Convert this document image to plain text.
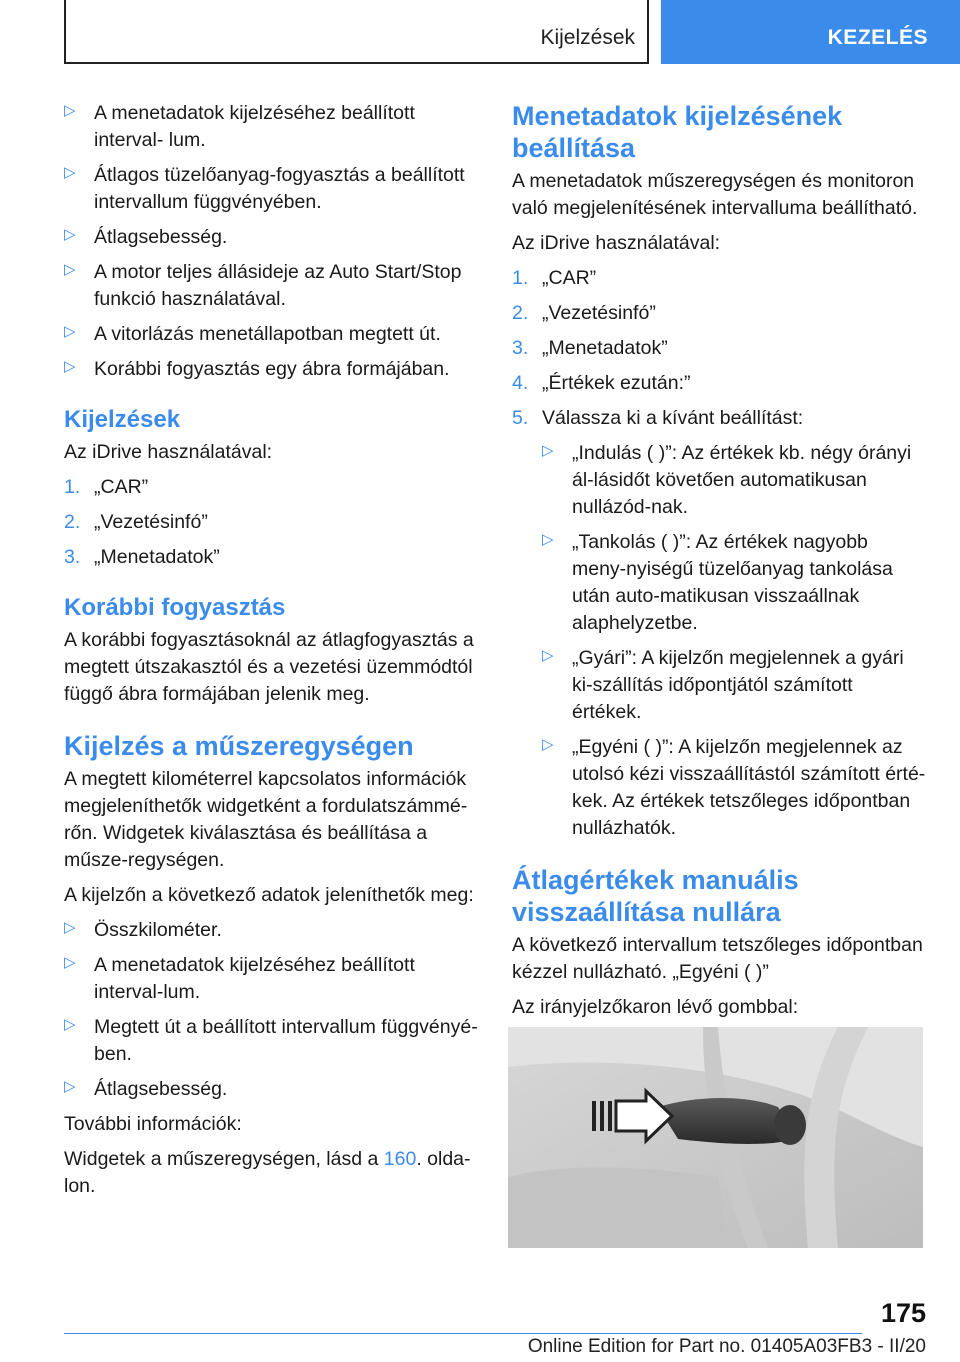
Kijelzések	KEZELÉS
▷ A menetadatok kijelzéséhez beállított interval- lum.
▷ Átlagos tüzelőanyag-fogyasztás a beállított intervallum függvényében.
▷ Átlagsebesség.
▷ A motor teljes állásideje az Auto Start/Stop funkció használatával.
▷ A vitorlázás menetállapotban megtett út.
▷ Korábbi fogyasztás egy ábra formájában.
Kijelzések

Az iDrive használatával:

1. „CAR”
2. „Vezetésinfó”
3. „Menetadatok”
Korábbi fogyasztás

A korábbi fogyasztásoknál az átlagfogyasztás a megtett útszakasztól és a vezetési üzemmódtól függő ábra formájában jelenik meg.

Kijelzés a műszeregységen

A megtett kilométerrel kapcsolatos információk megjeleníthetők widgetként a fordulatszámmé-rőn. Widgetek kiválasztása és beállítása a műsze-regységen.

A kijelzőn a következő adatok jeleníthetők meg:

▷ Összkilométer.
▷ A menetadatok kijelzéséhez beállított interval-lum.
▷ Megtett út a beállított intervallum függvényé-ben.
▷ Átlagsebesség.

További információk:

Widgetek a műszeregységen, lásd a 160. olda-lon.

Menetadatok kijelzésének beállítása

A menetadatok műszeregységen és monitoron való megjelenítésének intervalluma beállítható.

Az iDrive használatával:

1. „CAR”
2. „Vezetésinfó”
3. „Menetadatok”
4. „Értékek ezután:”
5. Válassza ki a kívánt beállítást:
▷ „Indulás ( )”: Az értékek kb. négy órányi ál-lásidőt követően automatikusan nullázód-nak.
▷ „Tankolás ( )”: Az értékek nagyobb meny-nyiségű tüzelőanyag tankolása után auto-matikusan visszaállnak alaphelyzetbe.
▷ „Gyári”: A kijelzőn megjelennek a gyári ki-szállítás időpontjától számított értékek.
▷ „Egyéni ( )”: A kijelzőn megjelennek az utolsó kézi visszaállítástól számított érté-kek. Az értékek tetszőleges időpontban nullázhatók.
Átlagértékek manuális visszaállítása nullára

A következő intervallum tetszőleges időpontban kézzel nullázható. „Egyéni ( )”

Az irányjelzőkaron lévő gombbal:

175
Online Edition for Part no. 01405A03FB3 - II/20
